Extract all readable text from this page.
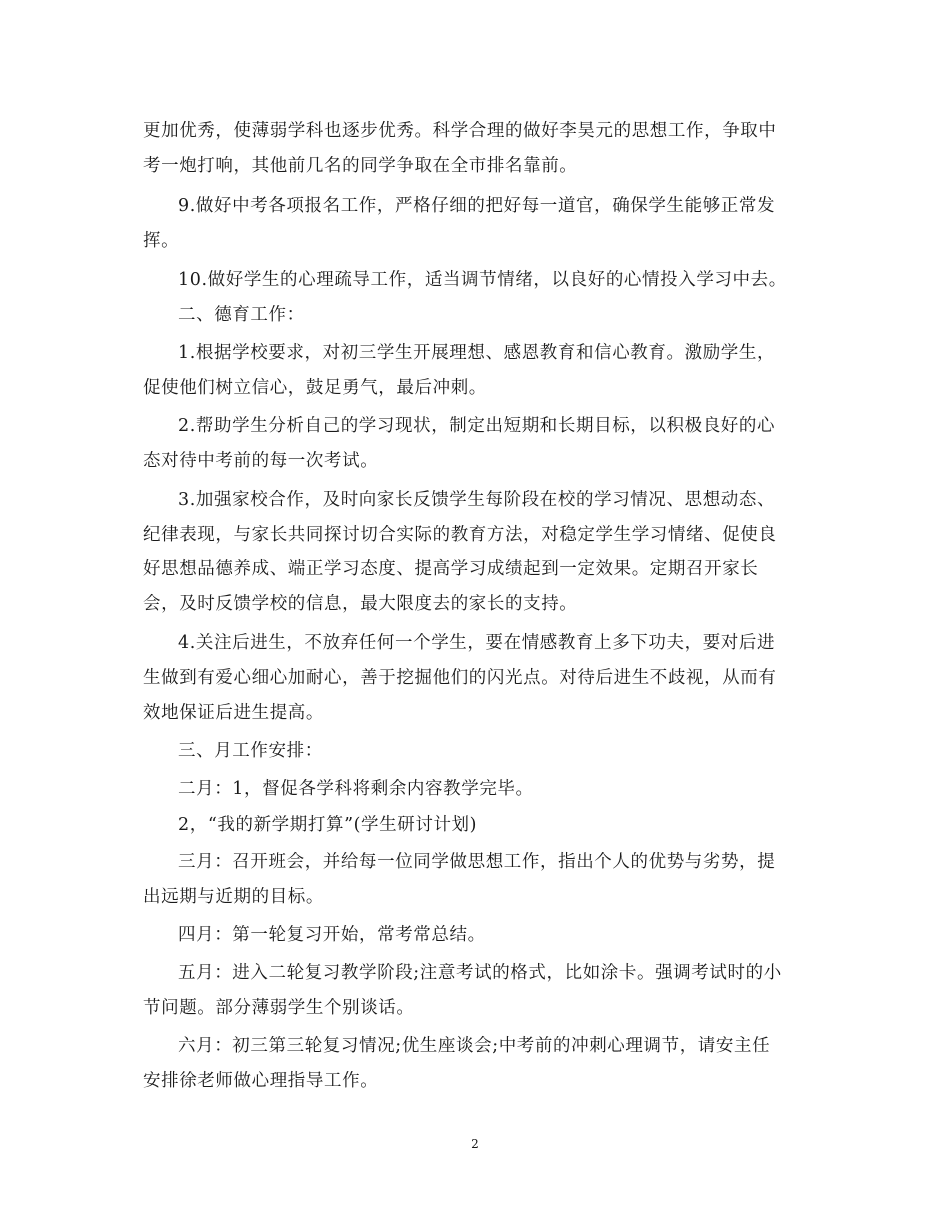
更加优秀，使薄弱学科也逐步优秀。科学合理的做好李昊元的思想工作，争取中
考一炮打响，其他前几名的同学争取在全市排名靠前。
9.做好中考各项报名工作，严格仔细的把好每一道官，确保学生能够正常发
挥。
10.做好学生的心理疏导工作，适当调节情绪，以良好的心情投入学习中去。
二、德育工作：
1.根据学校要求，对初三学生开展理想、感恩教育和信心教育。激励学生，
促使他们树立信心，鼓足勇气，最后冲刺。
2.帮助学生分析自己的学习现状，制定出短期和长期目标，以积极良好的心
态对待中考前的每一次考试。
3.加强家校合作，及时向家长反馈学生每阶段在校的学习情况、思想动态、
纪律表现，与家长共同探讨切合实际的教育方法，对稳定学生学习情绪、促使良
好思想品德养成、端正学习态度、提高学习成绩起到一定效果。定期召开家长
会，及时反馈学校的信息，最大限度去的家长的支持。
4.关注后进生，不放弃任何一个学生，要在情感教育上多下功夫，要对后进
生做到有爱心细心加耐心，善于挖掘他们的闪光点。对待后进生不歧视，从而有
效地保证后进生提高。
三、月工作安排：
二月：1，督促各学科将剩余内容教学完毕。
2，“我的新学期打算”(学生研讨计划)
三月：召开班会，并给每一位同学做思想工作，指出个人的优势与劣势，提
出远期与近期的目标。
四月：第一轮复习开始，常考常总结。
五月：进入二轮复习教学阶段;注意考试的格式，比如涂卡。强调考试时的小
节问题。部分薄弱学生个别谈话。
六月：初三第三轮复习情况;优生座谈会;中考前的冲刺心理调节，请安主任
安排徐老师做心理指导工作。
2
